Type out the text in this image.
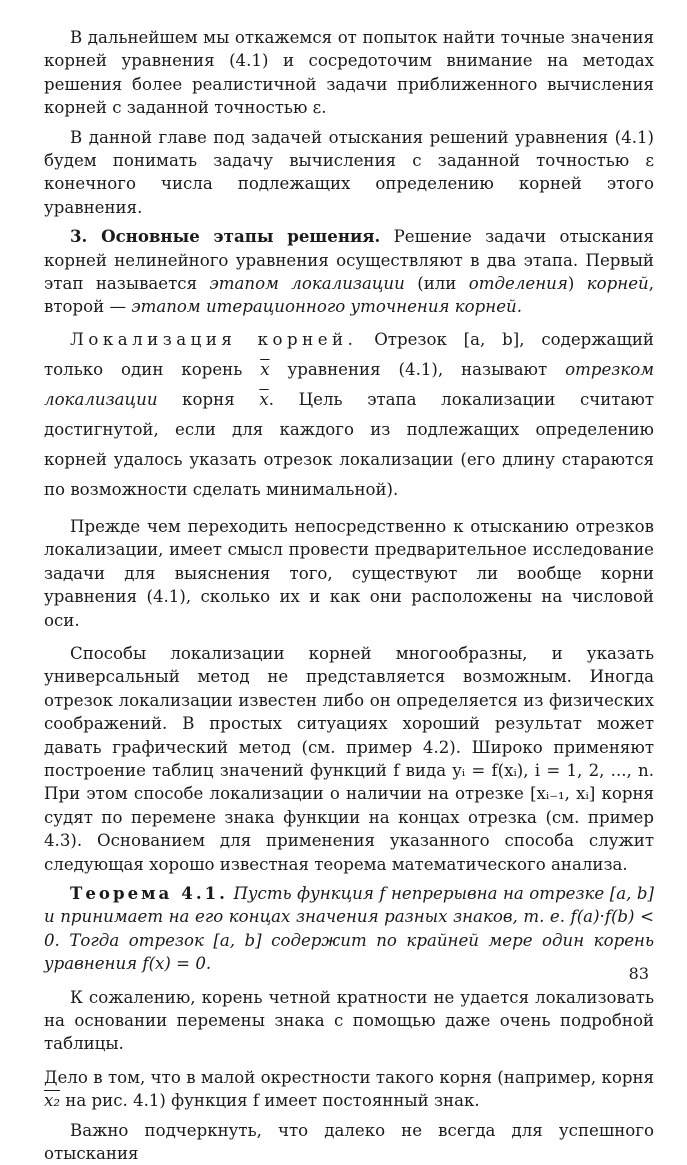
В дальнейшем мы откажемся от попыток найти точные значения корней уравнения (4.1) и сосредоточим внимание на методах решения более реалистичной задачи приближенного вычисления корней с заданной точностью ε.

В данной главе под задачей отыскания решений уравнения (4.1) будем понимать задачу вычисления с заданной точностью ε конечного числа подлежащих определению корней этого уравнения.

3. Основные этапы решения. Решение задачи отыскания корней нелинейного уравнения осуществляют в два этапа. Первый этап называется этапом локализации (или отделения) корней, второй — этапом итерационного уточнения корней.

Локализация корней. Отрезок [a, b], содержащий только один корень $\overline{x}$ уравнения (4.1), называют отрезком локализации корня $\overline{x}$. Цель этапа локализации считают достигнутой, если для каждого из подлежащих определению корней удалось указать отрезок локализации (его длину стараются по возможности сделать минимальной).

Прежде чем переходить непосредственно к отысканию отрезков локализации, имеет смысл провести предварительное исследование задачи для выяснения того, существуют ли вообще корни уравнения (4.1), сколько их и как они расположены на числовой оси.

Способы локализации корней многообразны, и указать универсальный метод не представляется возможным. Иногда отрезок локализации известен либо он определяется из физических соображений. В простых ситуациях хороший результат может давать графический метод (см. пример 4.2). Широко применяют построение таблиц значений функций f вида yᵢ = f(xᵢ), i = 1, 2, ..., n. При этом способе локализации о наличии на отрезке [xᵢ₋₁, xᵢ] корня судят по перемене знака функции на концах отрезка (см. пример 4.3). Основанием для применения указанного способа служит следующая хорошо известная теорема математического анализа.

Теорема 4.1. Пусть функция f непрерывна на отрезке [a, b] и принимает на его концах значения разных знаков, т. е. f(a)·f(b) < 0. Тогда отрезок [a, b] содержит по крайней мере один корень уравнения f(x) = 0.

К сожалению, корень четной кратности не удается локализовать на основании перемены знака с помощью даже очень подробной таблицы.

Дело в том, что в малой окрестности такого корня (например, корня x₂ на рис. 4.1) функция f имеет постоянный знак.

Важно подчеркнуть, что далеко не всегда для успешного отыскания

83
